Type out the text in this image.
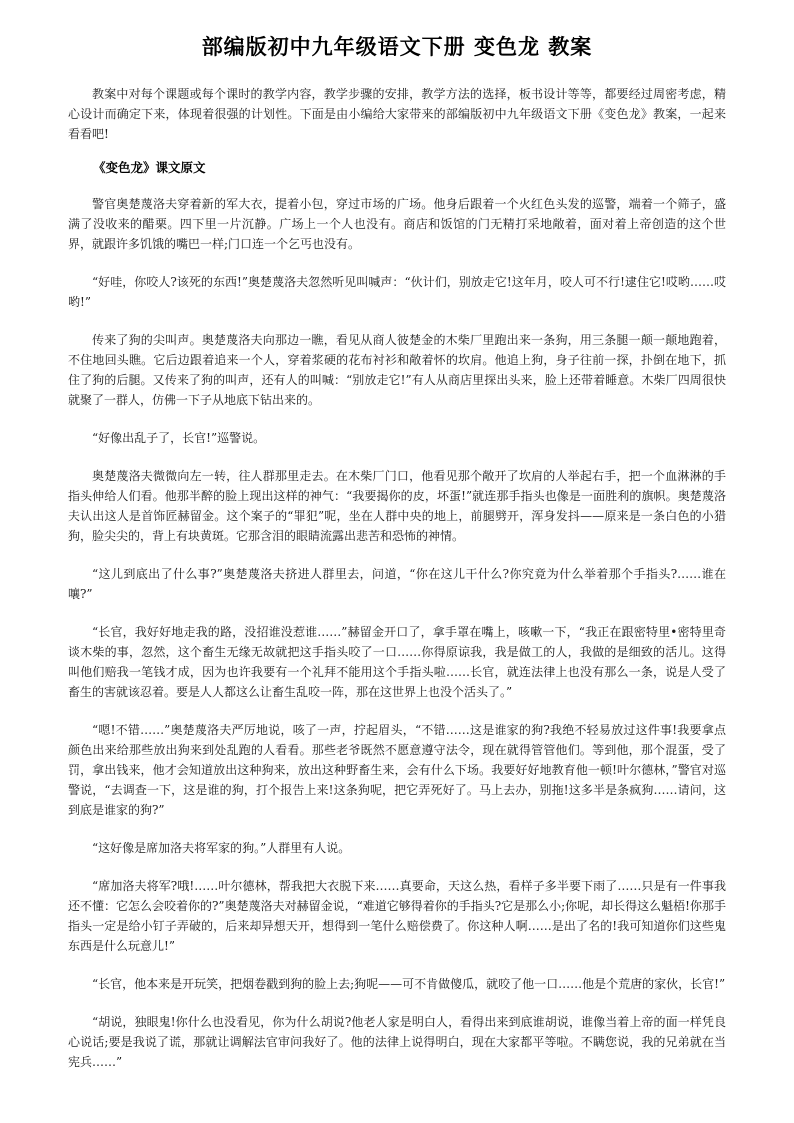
部编版初中九年级语文下册 变色龙 教案

教案中对每个课题或每个课时的教学内容，教学步骤的安排，教学方法的选择，板书设计等等，都要经过周密考虑，精心设计而确定下来，体现着很强的计划性。下面是由小编给大家带来的部编版初中九年级语文下册《变色龙》教案，一起来看看吧!

《变色龙》课文原文

警官奥楚蔑洛夫穿着新的军大衣，提着小包，穿过市场的广场。他身后跟着一个火红色头发的巡警，端着一个筛子，盛满了没收来的醋栗。四下里一片沉静。广场上一个人也没有。商店和饭馆的门无精打采地敞着，面对着上帝创造的这个世界，就跟许多饥饿的嘴巴一样;门口连一个乞丐也没有。

“好哇，你咬人?该死的东西!”奥楚蔑洛夫忽然听见叫喊声：“伙计们，别放走它!这年月，咬人可不行!逮住它!哎哟……哎哟!”

传来了狗的尖叫声。奥楚蔑洛夫向那边一瞧，看见从商人彼楚金的木柴厂里跑出来一条狗，用三条腿一颠一颠地跑着，不住地回头瞧。它后边跟着追来一个人，穿着浆硬的花布衬衫和敞着怀的坎肩。他追上狗，身子往前一探，扑倒在地下，抓住了狗的后腿。又传来了狗的叫声，还有人的叫喊：“别放走它!”有人从商店里探出头来，脸上还带着睡意。木柴厂四周很快就聚了一群人，仿佛一下子从地底下钻出来的。

“好像出乱子了，长官!”巡警说。

奥楚蔑洛夫微微向左一转，往人群那里走去。在木柴厂门口，他看见那个敞开了坎肩的人举起右手，把一个血淋淋的手指头伸给人们看。他那半醉的脸上现出这样的神气：“我要揭你的皮，坏蛋!”就连那手指头也像是一面胜利的旗帜。奥楚蔑洛夫认出这人是首饰匠赫留金。这个案子的“罪犯”呢，坐在人群中央的地上，前腿劈开，浑身发抖——原来是一条白色的小猎狗，脸尖尖的，背上有块黄斑。它那含泪的眼睛流露出悲苦和恐怖的神情。

“这儿到底出了什么事?”奥楚蔑洛夫挤进人群里去，问道，“你在这儿干什么?你究竟为什么举着那个手指头?……谁在嚷?”

“长官，我好好地走我的路，没招谁没惹谁……”赫留金开口了，拿手罩在嘴上，咳嗽一下，“我正在跟密特里•密特里奇谈木柴的事，忽然，这个畜生无缘无故就把这手指头咬了一口……你得原谅我，我是做工的人，我做的是细致的活儿。这得叫他们赔我一笔钱才成，因为也许我要有一个礼拜不能用这个手指头啦……长官，就连法律上也没有那么一条，说是人受了畜生的害就该忍着。要是人人都这么让畜生乱咬一阵，那在这世界上也没个活头了。”

“嗯!不错……”奥楚蔑洛夫严厉地说，咳了一声，拧起眉头，“不错……这是谁家的狗?我绝不轻易放过这件事!我要拿点颜色出来给那些放出狗来到处乱跑的人看看。那些老爷既然不愿意遵守法令，现在就得管管他们。等到他，那个混蛋，受了罚，拿出钱来，他才会知道放出这种狗来，放出这种野畜生来，会有什么下场。我要好好地教育他一顿!叶尔德林，”警官对巡警说，“去调查一下，这是谁的狗，打个报告上来!这条狗呢，把它弄死好了。马上去办，别拖!这多半是条疯狗……请问，这到底是谁家的狗?”

“这好像是席加洛夫将军家的狗。”人群里有人说。

“席加洛夫将军?哦!……叶尔德林，帮我把大衣脱下来……真要命，天这么热，看样子多半要下雨了……只是有一件事我还不懂：它怎么会咬着你的?”奥楚蔑洛夫对赫留金说，“难道它够得着你的手指头?它是那么小;你呢，却长得这么魁梧!你那手指头一定是给小钉子弄破的，后来却异想天开，想得到一笔什么赔偿费了。你这种人啊……是出了名的!我可知道你们这些鬼东西是什么玩意儿!”

“长官，他本来是开玩笑，把烟卷戳到狗的脸上去;狗呢——可不肯做傻瓜，就咬了他一口……他是个荒唐的家伙，长官!”

“胡说，独眼鬼!你什么也没看见，你为什么胡说?他老人家是明白人，看得出来到底谁胡说，谁像当着上帝的面一样凭良心说话;要是我说了谎，那就让调解法官审问我好了。他的法律上说得明白，现在大家都平等啦。不瞒您说，我的兄弟就在当宪兵……”
